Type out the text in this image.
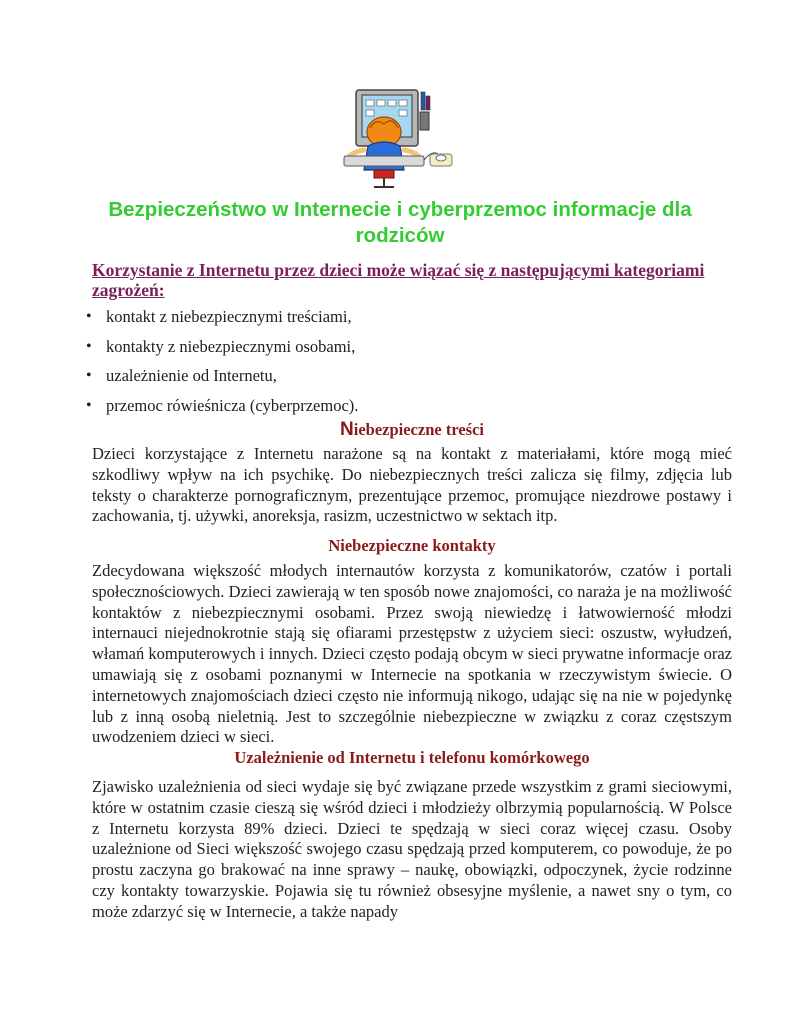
Bezpieczeństwo w Internecie i cyberprzemoc informacje dla rodziców

Korzystanie z Internetu przez dzieci może wiązać się z następującymi kategoriami zagrożeń:

• kontakt z niebezpiecznymi treściami,
• kontakty z niebezpiecznymi osobami,
• uzależnienie od Internetu,
• przemoc rówieśnicza (cyberprzemoc).
Niebezpieczne treści

Dzieci korzystające z Internetu narażone są na kontakt z materiałami, które mogą mieć szkodliwy wpływ na ich psychikę. Do niebezpiecznych treści zalicza się filmy, zdjęcia lub teksty o charakterze pornograficznym, prezentujące przemoc, promujące niezdrowe postawy i zachowania, tj. używki, anoreksja, rasizm, uczestnictwo w sektach itp.

Niebezpieczne kontakty

Zdecydowana większość młodych internautów korzysta z komunikatorów, czatów i portali społecznościowych. Dzieci zawierają w ten sposób nowe znajomości, co naraża je na możliwość kontaktów z niebezpiecznymi osobami. Przez swoją niewiedzę i łatwowierność młodzi internauci niejednokrotnie stają się ofiarami przestępstw z użyciem sieci: oszustw, wyłudzeń, włamań komputerowych i innych. Dzieci często podają obcym w sieci prywatne informacje oraz umawiają się z osobami poznanymi w Internecie na spotkania w rzeczywistym świecie. O internetowych znajomościach dzieci często nie informują nikogo, udając się na nie w pojedynkę lub z inną osobą nieletnią. Jest to szczególnie niebezpieczne w związku z coraz częstszym uwodzeniem dzieci w sieci.

Uzależnienie od Internetu i telefonu komórkowego

Zjawisko uzależnienia od sieci wydaje się być związane przede wszystkim z grami sieciowymi, które w ostatnim czasie cieszą się wśród dzieci i młodzieży olbrzymią popularnością. W Polsce z Internetu korzysta 89% dzieci. Dzieci te spędzają w sieci coraz więcej czasu. Osoby uzależnione od Sieci większość swojego czasu spędzają przed komputerem, co powoduje, że po prostu zaczyna go brakować na inne sprawy – naukę, obowiązki, odpoczynek, życie rodzinne czy kontakty towarzyskie. Pojawia się tu również obsesyjne myślenie, a nawet sny o tym, co może zdarzyć się w Internecie, a także napady
